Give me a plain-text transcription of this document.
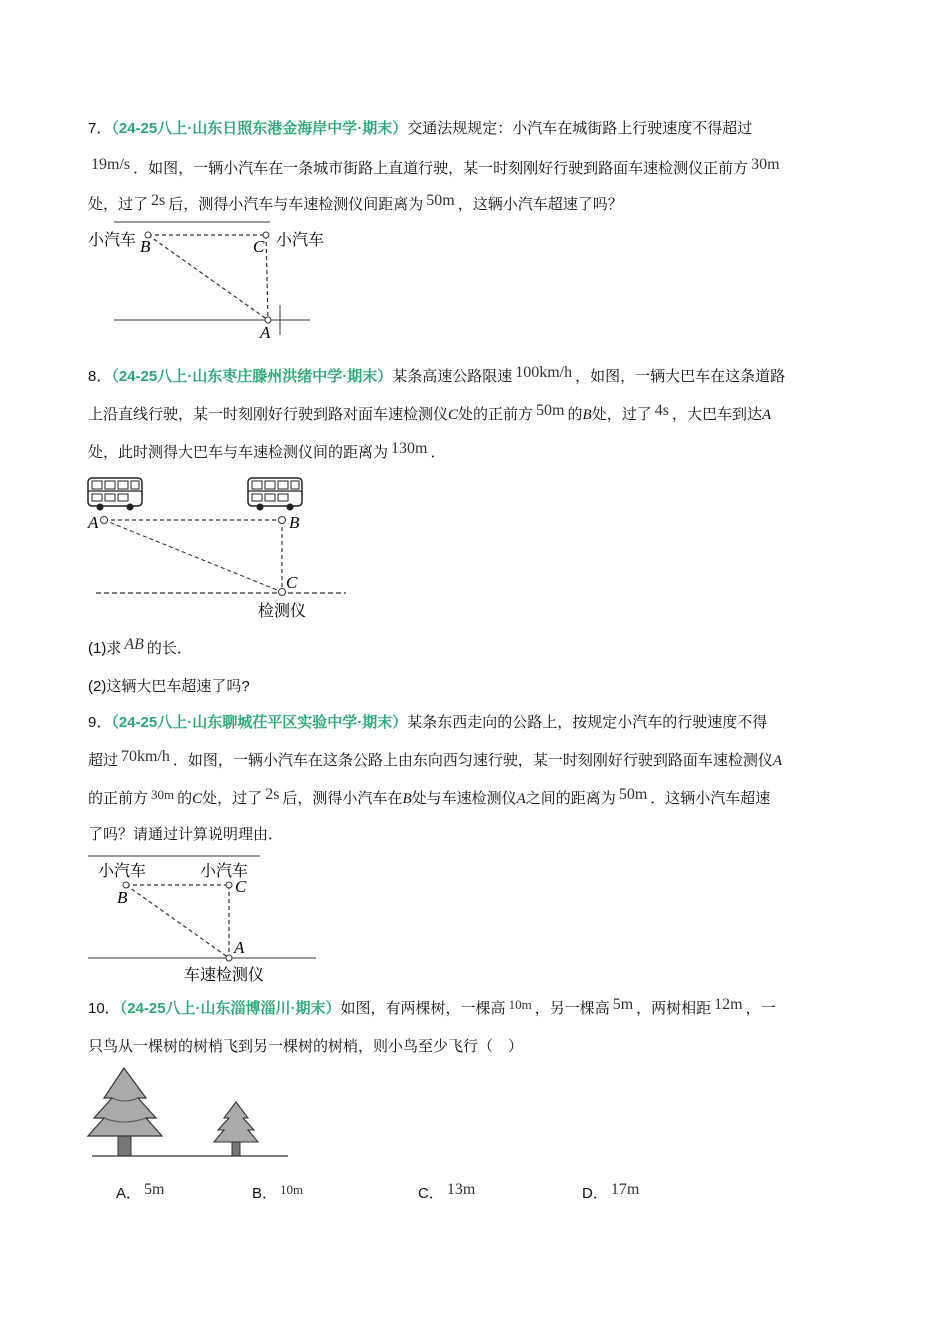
7．（24-25八上·山东日照东港金海岸中学·期末）交通法规规定：小汽车在城街路上行驶速度不得超过
19m/s ．如图，一辆小汽车在一条城市街路上直道行驶，某一时刻刚好行驶到路面车速检测仪正前方 30m
处，过了 2s 后，测得小汽车与车速检测仪间距离为 50m ，这辆小汽车超速了吗？
小汽车	小汽车
B	C
A
8．（24-25八上·山东枣庄滕州洪绪中学·期末）某条高速公路限速 100km/h ，如图，一辆大巴车在这条道路
上沿直线行驶，某一时刻刚好行驶到路对面车速检测仪C处的正前方 50m 的B处，过了 4s ，大巴车到达A
处，此时测得大巴车与车速检测仪间的距离为 130m ．
A	B
C
检测仪
(1)求 AB 的长．
(2)这辆大巴车超速了吗?
9．（24-25八上·山东聊城茌平区实验中学·期末）某条东西走向的公路上，按规定小汽车的行驶速度不得
超过 70km/h ．如图，一辆小汽车在这条公路上由东向西匀速行驶，某一时刻刚好行驶到路面车速检测仪A
的正前方 30m 的C处，过了 2s 后，测得小汽车在B处与车速检测仪A之间的距离为 50m ．这辆小汽车超速
了吗？请通过计算说明理由．
小汽车	小汽车
B
C
A
车速检测仪
10．（24-25八上·山东淄博淄川·期末）如图，有两棵树，一棵高 10m ，另一棵高 5m ，两树相距 12m ，一
只鸟从一棵树的树梢飞到另一棵树的树梢，则小鸟至少飞行（　）
A． 5m	B． 10m	C． 13m	D． 17m
